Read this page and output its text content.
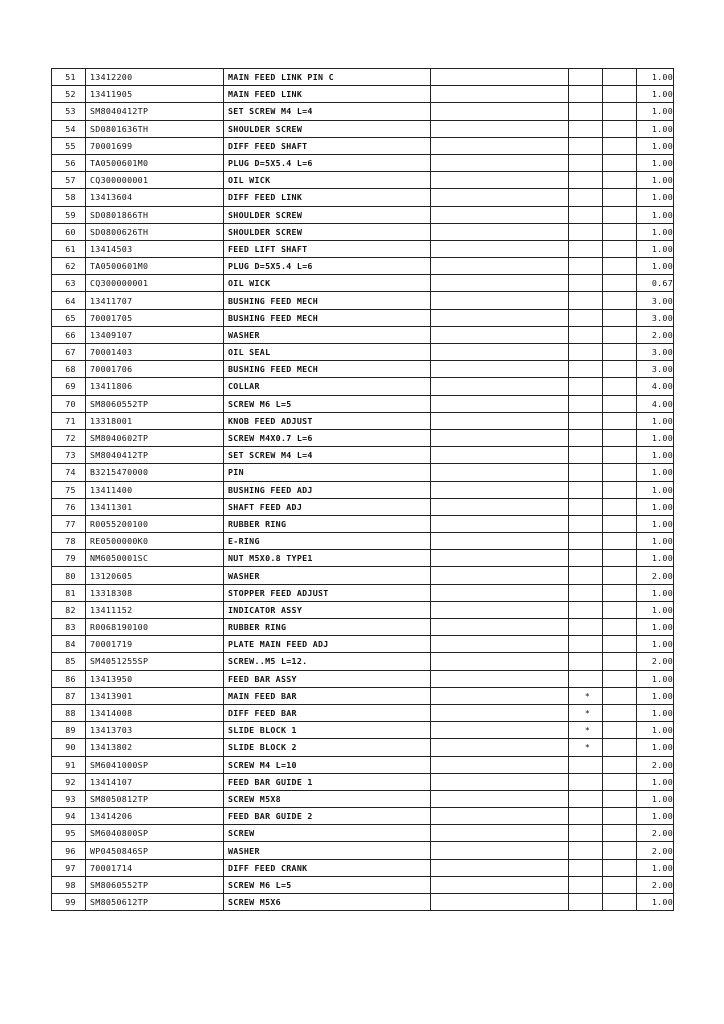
51	13412200	MAIN FEED LINK PIN C				1.00
52	13411905	MAIN FEED LINK				1.00
53	SM8040412TP	SET SCREW M4 L=4				1.00
54	SD0801636TH	SHOULDER SCREW				1.00
55	70001699	DIFF FEED SHAFT				1.00
56	TA0500601M0	PLUG D=5X5.4 L=6				1.00
57	CQ300000001	OIL WICK				1.00
58	13413604	DIFF FEED LINK				1.00
59	SD0801866TH	SHOULDER SCREW				1.00
60	SD0800626TH	SHOULDER SCREW				1.00
61	13414503	FEED LIFT SHAFT				1.00
62	TA0500601M0	PLUG D=5X5.4 L=6				1.00
63	CQ300000001	OIL WICK				0.67
64	13411707	BUSHING FEED MECH				3.00
65	70001705	BUSHING FEED MECH				3.00
66	13409107	WASHER				2.00
67	70001403	OIL SEAL				3.00
68	70001706	BUSHING FEED MECH				3.00
69	13411806	COLLAR				4.00
70	SM8060552TP	SCREW M6 L=5				4.00
71	13318001	KNOB FEED ADJUST				1.00
72	SM8040602TP	SCREW M4X0.7 L=6				1.00
73	SM8040412TP	SET SCREW M4 L=4				1.00
74	B3215470000	PIN				1.00
75	13411400	BUSHING FEED ADJ				1.00
76	13411301	SHAFT FEED ADJ				1.00
77	R0055200100	RUBBER RING				1.00
78	RE0500000K0	E-RING				1.00
79	NM6050001SC	NUT M5X0.8 TYPE1				1.00
80	13120605	WASHER				2.00
81	13318308	STOPPER FEED ADJUST				1.00
82	13411152	INDICATOR ASSY				1.00
83	R0068190100	RUBBER RING				1.00
84	70001719	PLATE MAIN FEED ADJ				1.00
85	SM4051255SP	SCREW..M5 L=12.				2.00
86	13413950	FEED BAR ASSY				1.00
87	13413901	MAIN FEED BAR		*		1.00
88	13414008	DIFF FEED BAR		*		1.00
89	13413703	SLIDE BLOCK 1		*		1.00
90	13413802	SLIDE BLOCK 2		*		1.00
91	SM6041000SP	SCREW M4 L=10				2.00
92	13414107	FEED BAR GUIDE 1				1.00
93	SM8050812TP	SCREW M5X8				1.00
94	13414206	FEED BAR GUIDE 2				1.00
95	SM6040800SP	SCREW				2.00
96	WP0450846SP	WASHER				2.00
97	70001714	DIFF FEED CRANK				1.00
98	SM8060552TP	SCREW M6 L=5				2.00
99	SM8050612TP	SCREW M5X6				1.00
